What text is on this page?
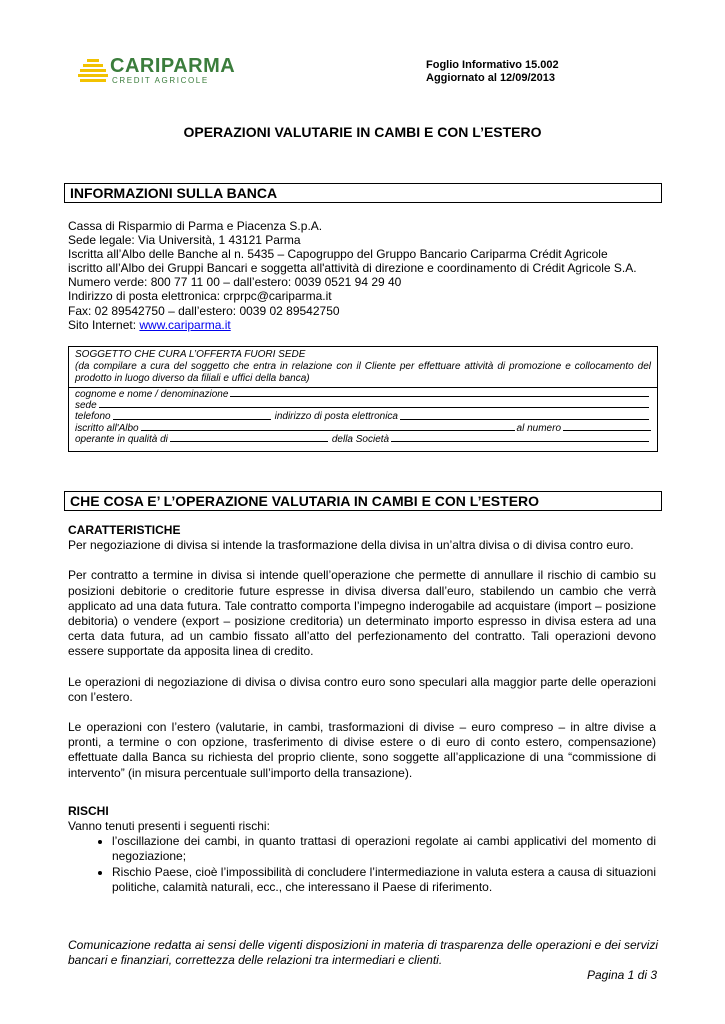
CARIPARMA
CREDIT AGRICOLE
Foglio Informativo 15.002
Aggiornato al 12/09/2013
OPERAZIONI VALUTARIE IN CAMBI E CON L’ESTERO
INFORMAZIONI SULLA BANCA
Cassa di Risparmio di Parma e Piacenza S.p.A.
Sede legale: Via Università, 1 43121 Parma
Iscritta all’Albo delle Banche al n. 5435 – Capogruppo del Gruppo Bancario Cariparma Crédit Agricole
iscritto all’Albo dei Gruppi Bancari e soggetta all'attività di direzione e coordinamento di Crédit Agricole S.A.
Numero verde: 800 77 11 00 – dall’estero: 0039 0521 94 29 40
Indirizzo di posta elettronica: crprpc@cariparma.it
Fax: 02 89542750 – dall’estero: 0039 02 89542750
Sito Internet: www.cariparma.it
SOGGETTO CHE CURA L’OFFERTA FUORI SEDE
(da compilare a cura del soggetto che entra in relazione con il Cliente per effettuare attività di promozione e collocamento del prodotto in luogo diverso da filiali e uffici della banca)
cognome e nome / denominazione
sede
telefono	indirizzo di posta elettronica
iscritto all'Albo	al numero
operante in qualità di	della Società
CHE COSA E’ L’OPERAZIONE VALUTARIA IN CAMBI E CON L’ESTERO
CARATTERISTICHE
Per negoziazione di divisa si intende la trasformazione della divisa in un’altra divisa o di divisa contro euro.
Per contratto a termine in divisa si intende quell’operazione che permette di annullare il rischio di cambio su posizioni debitorie o creditorie future espresse in divisa diversa dall’euro, stabilendo un cambio che verrà applicato ad una data futura. Tale contratto comporta l’impegno inderogabile ad acquistare (import – posizione debitoria) o vendere (export – posizione creditoria) un determinato importo espresso in divisa estera ad una certa data futura, ad un cambio fissato all’atto del perfezionamento del contratto. Tali operazioni devono essere supportate da apposita linea di credito.
Le operazioni di negoziazione di divisa o divisa contro euro sono speculari alla maggior parte delle operazioni con l’estero.
Le operazioni con l’estero (valutarie, in cambi, trasformazioni di divise – euro compreso – in altre divise a pronti, a termine o con opzione, trasferimento di divise estere o di euro di conto estero, compensazione) effettuate dalla Banca su richiesta del proprio cliente, sono soggette all’applicazione di una “commissione di intervento” (in misura percentuale sull’importo della transazione).
RISCHI
Vanno tenuti presenti i seguenti rischi:
• l’oscillazione dei cambi, in quanto trattasi di operazioni regolate ai cambi applicativi del momento di negoziazione;
• Rischio Paese, cioè l’impossibilità di concludere l’intermediazione in valuta estera a causa di situazioni politiche, calamità naturali, ecc., che interessano il Paese di riferimento.
Comunicazione redatta ai sensi delle vigenti disposizioni in materia di trasparenza delle operazioni e dei servizi bancari e finanziari, correttezza delle relazioni tra intermediari e clienti.
Pagina 1 di 3
